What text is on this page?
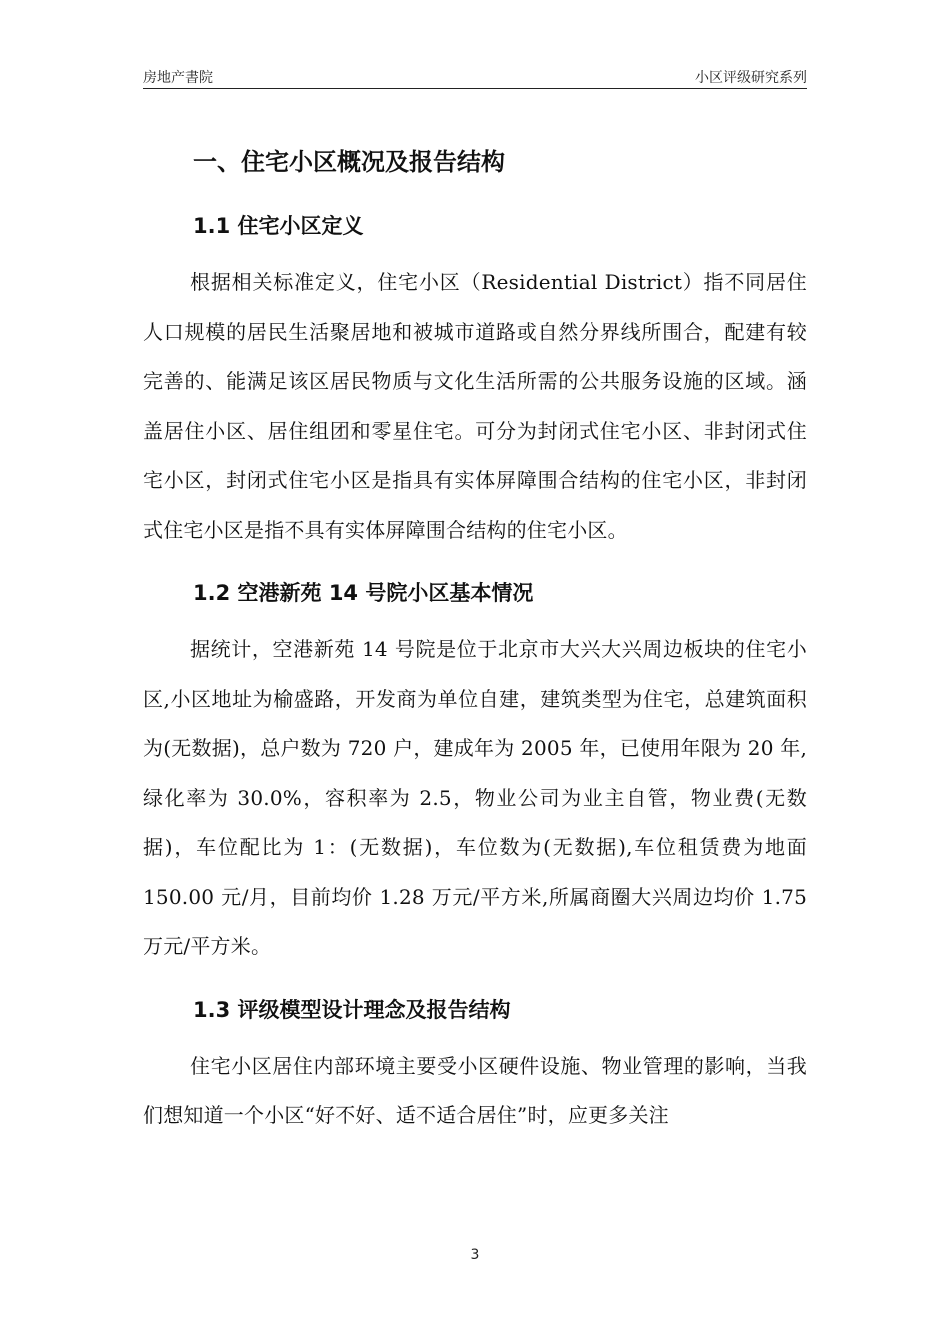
房地产書院	小区评级研究系列
一、住宅小区概况及报告结构
1.1 住宅小区定义

根据相关标准定义，住宅小区（Residential District）指不同居住人口规模的居民生活聚居地和被城市道路或自然分界线所围合，配建有较完善的、能满足该区居民物质与文化生活所需的公共服务设施的区域。涵盖居住小区、居住组团和零星住宅。可分为封闭式住宅小区、非封闭式住宅小区，封闭式住宅小区是指具有实体屏障围合结构的住宅小区，非封闭式住宅小区是指不具有实体屏障围合结构的住宅小区。

1.2 空港新苑 14 号院小区基本情况

据统计，空港新苑 14 号院是位于北京市大兴大兴周边板块的住宅小区,小区地址为榆盛路，开发商为单位自建，建筑类型为住宅，总建筑面积为(无数据)，总户数为 720 户，建成年为 2005 年，已使用年限为 20 年,绿化率为 30.0%，容积率为 2.5，物业公司为业主自管，物业费(无数据)，车位配比为 1：(无数据)，车位数为(无数据),车位租赁费为地面 150.00 元/月，目前均价 1.28 万元/平方米,所属商圈大兴周边均价 1.75 万元/平方米。

1.3 评级模型设计理念及报告结构

住宅小区居住内部环境主要受小区硬件设施、物业管理的影响，当我们想知道一个小区“好不好、适不适合居住”时，应更多关注

3
